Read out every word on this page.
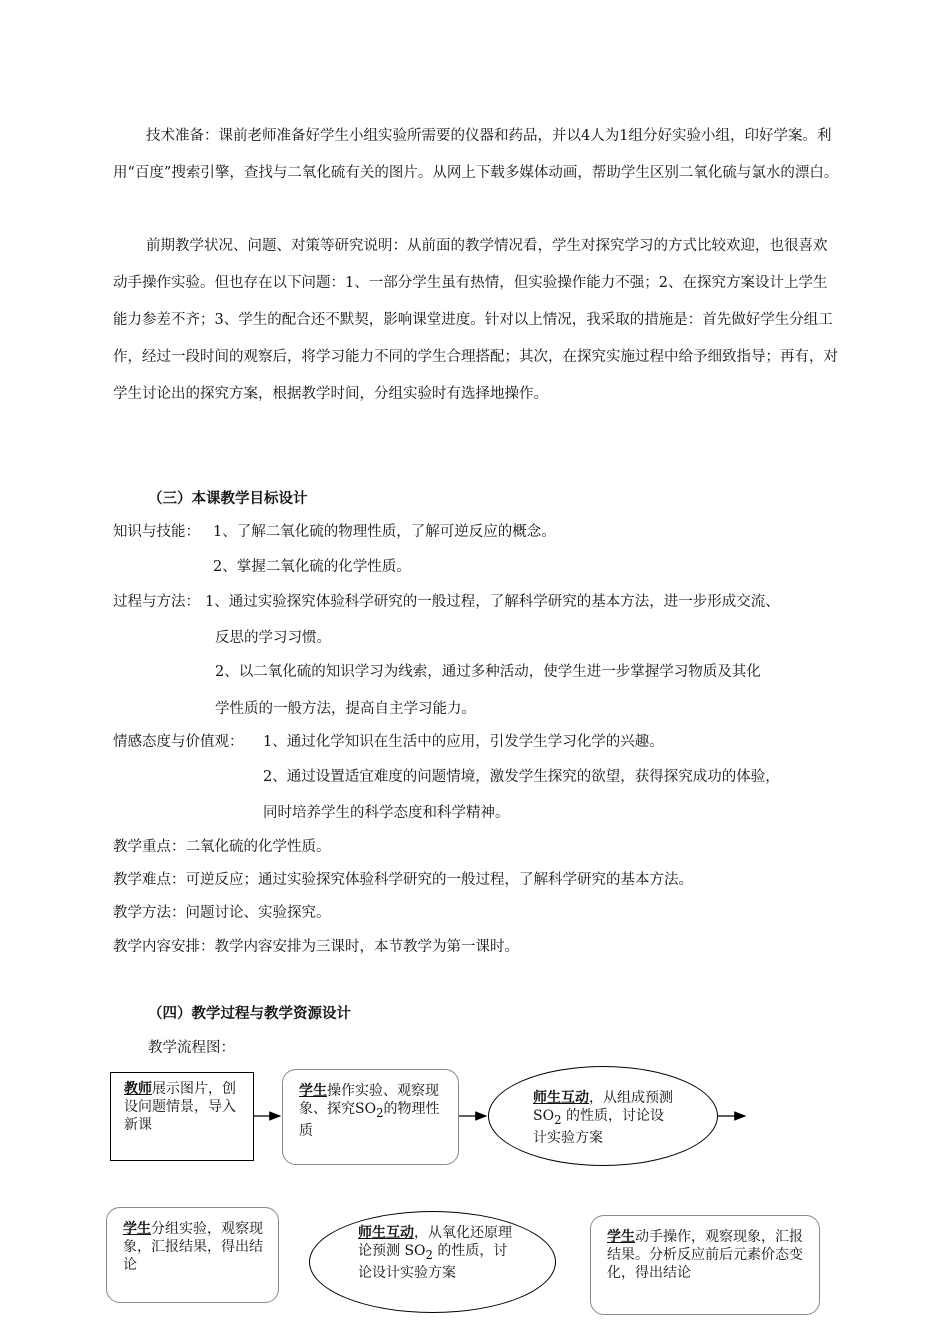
技术准备：课前老师准备好学生小组实验所需要的仪器和药品，并以4人为1组分好实验小组，印好学案。利用“百度”搜索引擎，查找与二氧化硫有关的图片。从网上下载多媒体动画，帮助学生区别二氧化硫与氯水的漂白。

前期教学状况、问题、对策等研究说明：从前面的教学情况看，学生对探究学习的方式比较欢迎，也很喜欢动手操作实验。但也存在以下问题：1、一部分学生虽有热情，但实验操作能力不强；2、在探究方案设计上学生能力参差不齐；3、学生的配合还不默契，影响课堂进度。针对以上情况，我采取的措施是：首先做好学生分组工作，经过一段时间的观察后，将学习能力不同的学生合理搭配；其次，在探究实施过程中给予细致指导；再有，对学生讨论出的探究方案，根据教学时间，分组实验时有选择地操作。

（三）本课教学目标设计
知识与技能： 1、了解二氧化硫的物理性质，了解可逆反应的概念。
2、掌握二氧化硫的化学性质。
过程与方法： 1、通过实验探究体验科学研究的一般过程，了解科学研究的基本方法，进一步形成交流、
反思的学习习惯。
2、以二氧化硫的知识学习为线索，通过多种活动，使学生进一步掌握学习物质及其化
学性质的一般方法，提高自主学习能力。
情感态度与价值观： 1、通过化学知识在生活中的应用，引发学生学习化学的兴趣。
2、通过设置适宜难度的问题情境，激发学生探究的欲望，获得探究成功的体验，
同时培养学生的科学态度和科学精神。
教学重点：二氧化硫的化学性质。
教学难点：可逆反应；通过实验探究体验科学研究的一般过程，了解科学研究的基本方法。
教学方法：问题讨论、实验探究。
教学内容安排：教学内容安排为三课时，本节教学为第一课时。
（四）教学过程与教学资源设计
教学流程图：
教师展示图片，创设问题情景，导入新课
学生操作实验、观察现象、探究$SO_2$的物理性质
师生互动，从组成预测 $SO_2$ 的性质，讨论设计实验方案
学生分组实验，观察现象，汇报结果，得出结论
师生互动，从氧化还原理论预测 $SO_2$ 的性质，讨论设计实验方案
学生动手操作，观察现象，汇报结果。分析反应前后元素价态变化，得出结论
